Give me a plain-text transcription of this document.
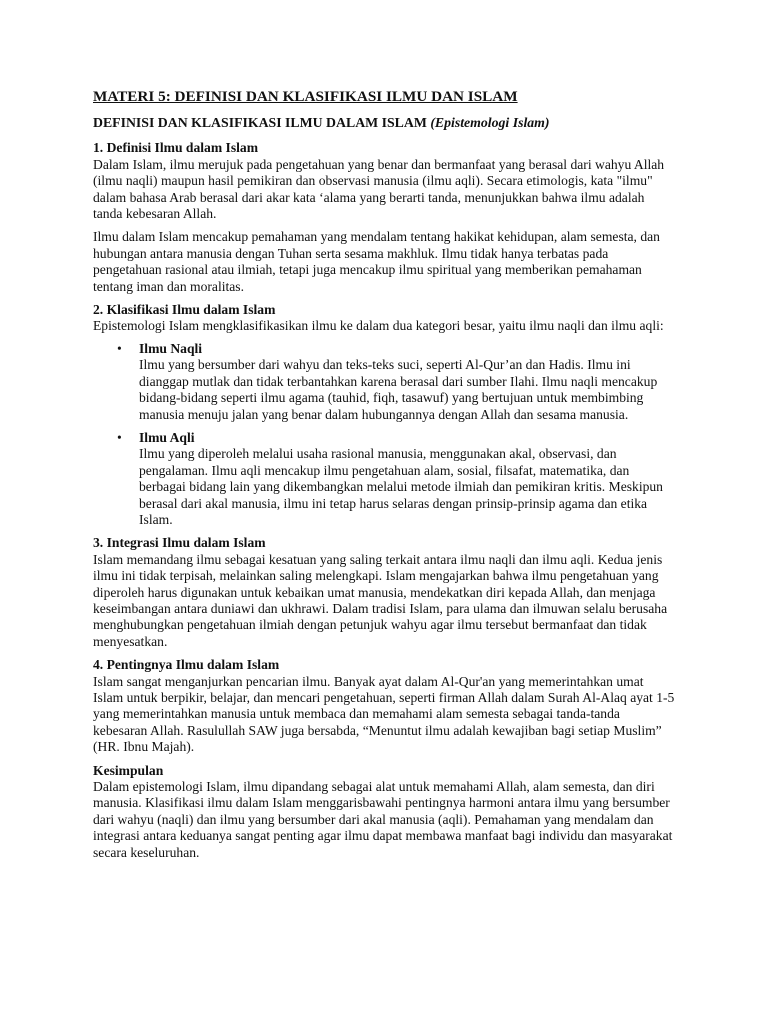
MATERI 5: DEFINISI DAN KLASIFIKASI ILMU DAN ISLAM
DEFINISI DAN KLASIFIKASI ILMU DALAM ISLAM (Epistemologi Islam)
1. Definisi Ilmu dalam Islam

Dalam Islam, ilmu merujuk pada pengetahuan yang benar dan bermanfaat yang berasal dari wahyu Allah (ilmu naqli) maupun hasil pemikiran dan observasi manusia (ilmu aqli). Secara etimologis, kata "ilmu" dalam bahasa Arab berasal dari akar kata ‘alama yang berarti tanda, menunjukkan bahwa ilmu adalah tanda kebesaran Allah.

Ilmu dalam Islam mencakup pemahaman yang mendalam tentang hakikat kehidupan, alam semesta, dan hubungan antara manusia dengan Tuhan serta sesama makhluk. Ilmu tidak hanya terbatas pada pengetahuan rasional atau ilmiah, tetapi juga mencakup ilmu spiritual yang memberikan pemahaman tentang iman dan moralitas.

2. Klasifikasi Ilmu dalam Islam

Epistemologi Islam mengklasifikasikan ilmu ke dalam dua kategori besar, yaitu ilmu naqli dan ilmu aqli:

• Ilmu Naqli
Ilmu yang bersumber dari wahyu dan teks-teks suci, seperti Al-Qur’an dan Hadis. Ilmu ini dianggap mutlak dan tidak terbantahkan karena berasal dari sumber Ilahi. Ilmu naqli mencakup bidang-bidang seperti ilmu agama (tauhid, fiqh, tasawuf) yang bertujuan untuk membimbing manusia menuju jalan yang benar dalam hubungannya dengan Allah dan sesama manusia.
• Ilmu Aqli
Ilmu yang diperoleh melalui usaha rasional manusia, menggunakan akal, observasi, dan pengalaman. Ilmu aqli mencakup ilmu pengetahuan alam, sosial, filsafat, matematika, dan berbagai bidang lain yang dikembangkan melalui metode ilmiah dan pemikiran kritis. Meskipun berasal dari akal manusia, ilmu ini tetap harus selaras dengan prinsip-prinsip agama dan etika Islam.
3. Integrasi Ilmu dalam Islam

Islam memandang ilmu sebagai kesatuan yang saling terkait antara ilmu naqli dan ilmu aqli. Kedua jenis ilmu ini tidak terpisah, melainkan saling melengkapi. Islam mengajarkan bahwa ilmu pengetahuan yang diperoleh harus digunakan untuk kebaikan umat manusia, mendekatkan diri kepada Allah, dan menjaga keseimbangan antara duniawi dan ukhrawi. Dalam tradisi Islam, para ulama dan ilmuwan selalu berusaha menghubungkan pengetahuan ilmiah dengan petunjuk wahyu agar ilmu tersebut bermanfaat dan tidak menyesatkan.

4. Pentingnya Ilmu dalam Islam

Islam sangat menganjurkan pencarian ilmu. Banyak ayat dalam Al-Qur'an yang memerintahkan umat Islam untuk berpikir, belajar, dan mencari pengetahuan, seperti firman Allah dalam Surah Al-Alaq ayat 1-5 yang memerintahkan manusia untuk membaca dan memahami alam semesta sebagai tanda-tanda kebesaran Allah. Rasulullah SAW juga bersabda, “Menuntut ilmu adalah kewajiban bagi setiap Muslim” (HR. Ibnu Majah).

Kesimpulan

Dalam epistemologi Islam, ilmu dipandang sebagai alat untuk memahami Allah, alam semesta, dan diri manusia. Klasifikasi ilmu dalam Islam menggarisbawahi pentingnya harmoni antara ilmu yang bersumber dari wahyu (naqli) dan ilmu yang bersumber dari akal manusia (aqli). Pemahaman yang mendalam dan integrasi antara keduanya sangat penting agar ilmu dapat membawa manfaat bagi individu dan masyarakat secara keseluruhan.
